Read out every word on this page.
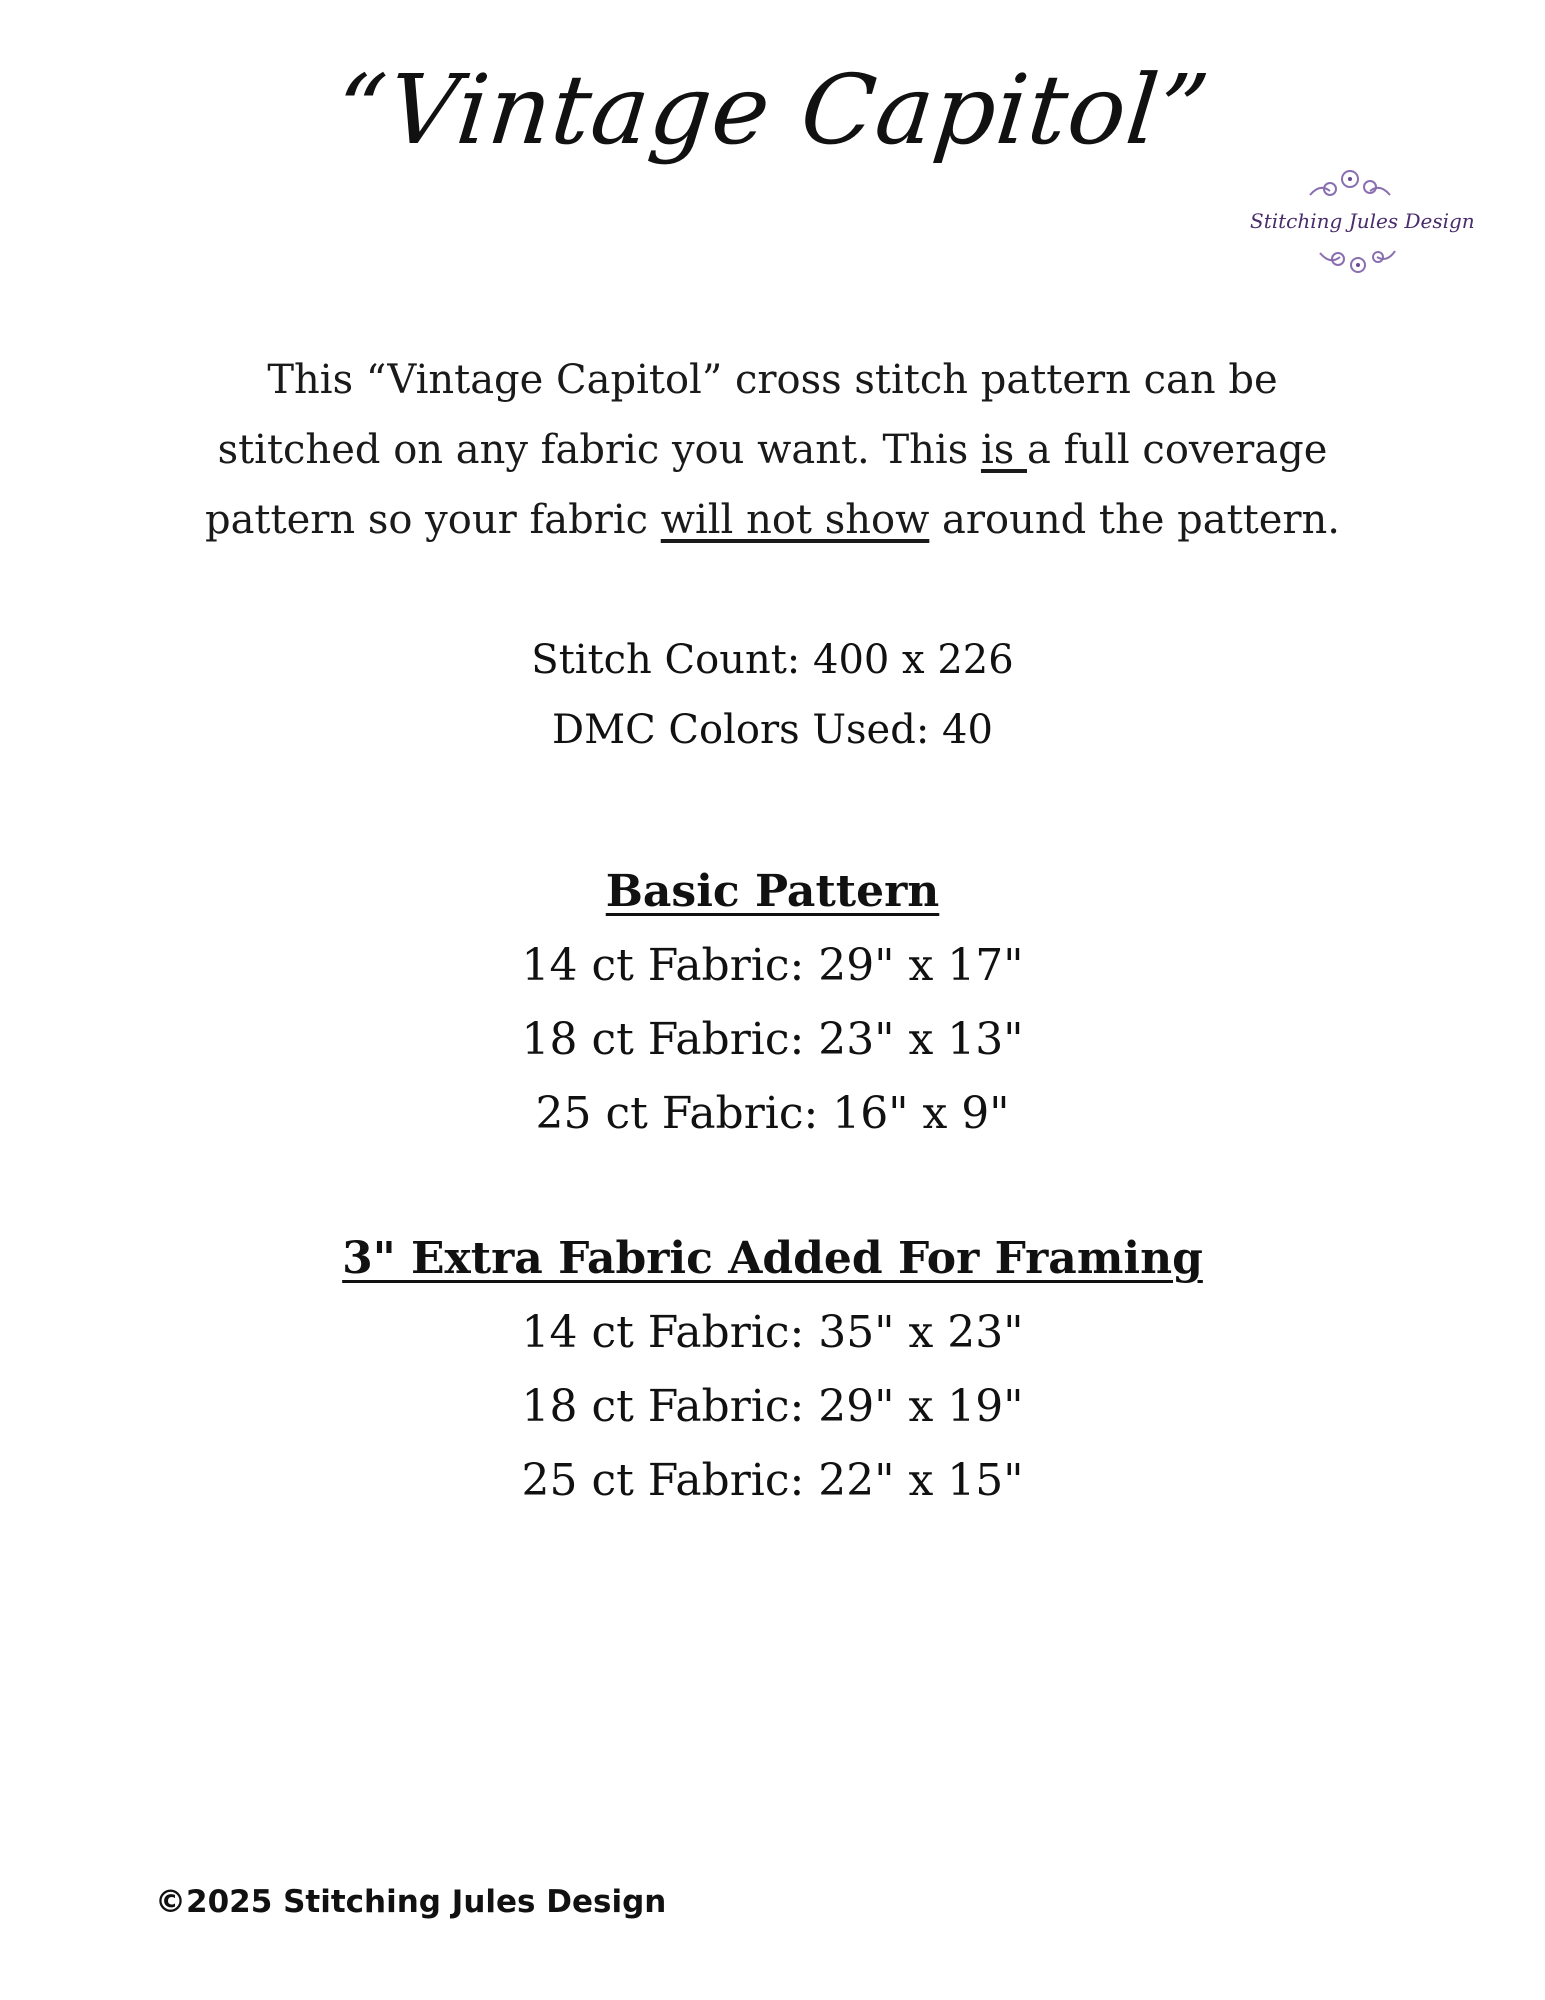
“Vintage Capitol”
Stitching Jules Design
This “Vintage Capitol” cross stitch pattern can be
stitched on any fabric you want. This is a full coverage
pattern so your fabric will not show around the pattern.
Stitch Count: 400 x 226
DMC Colors Used: 40
Basic Pattern
14 ct Fabric: 29" x 17"
18 ct Fabric: 23" x 13"
25 ct Fabric: 16" x 9"
3" Extra Fabric Added For Framing
14 ct Fabric: 35" x 23"
18 ct Fabric: 29" x 19"
25 ct Fabric: 22" x 15"
©2025 Stitching Jules Design
